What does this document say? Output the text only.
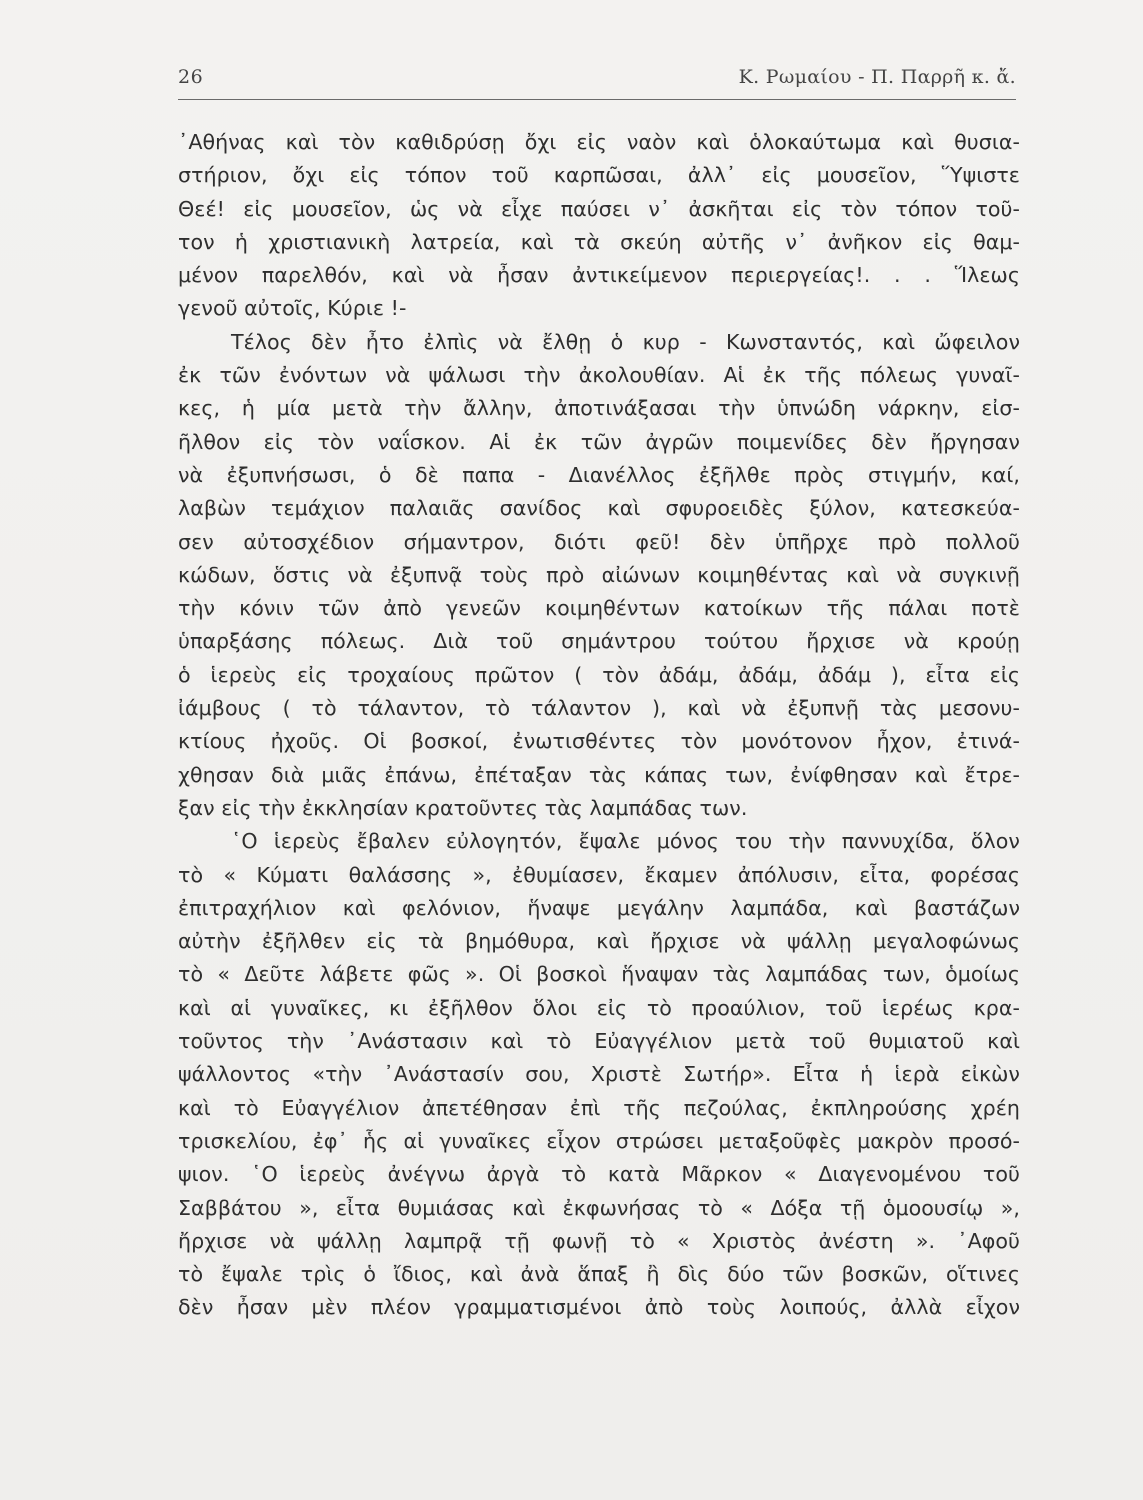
26	Κ. Ρωμαίου - Π. Παρρῆ κ. ἄ.
᾿Αθήνας καὶ τὸν καθιδρύσῃ ὄχι εἰς ναὸν καὶ ὁλοκαύτωμα καὶ θυσια-
στήριον, ὄχι εἰς τόπον τοῦ καρπῶσαι, ἀλλ᾿ εἰς μουσεῖον, Ὕψιστε
Θεέ! εἰς μουσεῖον, ὡς νὰ εἶχε παύσει ν᾿ ἀσκῆται εἰς τὸν τόπον τοῦ-
τον ἡ χριστιανικὴ λατρεία, καὶ τὰ σκεύη αὐτῆς ν᾿ ἀνῆκον εἰς θαμ-
μένον παρελθόν, καὶ νὰ ἦσαν ἀντικείμενον περιεργείας!. . . Ἵλεως
γενοῦ αὐτοῖς, Κύριε !-
Τέλος δὲν ἦτο ἐλπὶς νὰ ἔλθῃ ὁ κυρ - Κωνσταντός, καὶ ὤφειλον
ἐκ τῶν ἐνόντων νὰ ψάλωσι τὴν ἀκολουθίαν. Αἱ ἐκ τῆς πόλεως γυναῖ-
κες, ἡ μία μετὰ τὴν ἄλλην, ἀποτινάξασαι τὴν ὑπνώδη νάρκην, εἰσ-
ῆλθον εἰς τὸν ναΐσκον. Αἱ ἐκ τῶν ἀγρῶν ποιμενίδες δὲν ἤργησαν
νὰ ἐξυπνήσωσι, ὁ δὲ παπα - Διανέλλος ἐξῆλθε πρὸς στιγμήν, καί,
λαβὼν τεμάχιον παλαιᾶς σανίδος καὶ σφυροειδὲς ξύλον, κατεσκεύα-
σεν αὐτοσχέδιον σήμαντρον, διότι φεῦ! δὲν ὑπῆρχε πρὸ πολλοῦ
κώδων, ὅστις νὰ ἐξυπνᾷ τοὺς πρὸ αἰώνων κοιμηθέντας καὶ νὰ συγκινῇ
τὴν κόνιν τῶν ἀπὸ γενεῶν κοιμηθέντων κατοίκων τῆς πάλαι ποτὲ
ὑπαρξάσης πόλεως. Διὰ τοῦ σημάντρου τούτου ἤρχισε νὰ κρούῃ
ὁ ἱερεὺς εἰς τροχαίους πρῶτον ( τὸν ἀδάμ, ἀδάμ, ἀδάμ ), εἶτα εἰς
ἰάμβους ( τὸ τάλαντον, τὸ τάλαντον ), καὶ νὰ ἐξυπνῇ τὰς μεσονυ-
κτίους ἠχοῦς. Οἱ βοσκοί, ἐνωτισθέντες τὸν μονότονον ἦχον, ἐτινά-
χθησαν διὰ μιᾶς ἐπάνω, ἐπέταξαν τὰς κάπας των, ἐνίφθησαν καὶ ἔτρε-
ξαν εἰς τὴν ἐκκλησίαν κρατοῦντες τὰς λαμπάδας των.
῾Ο ἱερεὺς ἔβαλεν εὐλογητόν, ἔψαλε μόνος του τὴν παννυχίδα, ὅλον
τὸ « Κύματι θαλάσσης », ἐθυμίασεν, ἔκαμεν ἀπόλυσιν, εἶτα, φορέσας
ἐπιτραχήλιον καὶ φελόνιον, ἥναψε μεγάλην λαμπάδα, καὶ βαστάζων
αὐτὴν ἐξῆλθεν εἰς τὰ βημόθυρα, καὶ ἤρχισε νὰ ψάλλῃ μεγαλοφώνως
τὸ « Δεῦτε λάβετε φῶς ». Οἱ βοσκοὶ ἥναψαν τὰς λαμπάδας των, ὁμοίως
καὶ αἱ γυναῖκες, κι ἐξῆλθον ὅλοι εἰς τὸ προαύλιον, τοῦ ἱερέως κρα-
τοῦντος τὴν ᾿Ανάστασιν καὶ τὸ Εὐαγγέλιον μετὰ τοῦ θυμιατοῦ καὶ
ψάλλοντος «τὴν ᾿Ανάστασίν σου, Χριστὲ Σωτήρ». Εἶτα ἡ ἱερὰ εἰκὼν
καὶ τὸ Εὐαγγέλιον ἀπετέθησαν ἐπὶ τῆς πεζούλας, ἐκπληρούσης χρέη
τρισκελίου, ἐφ᾿ ἧς αἱ γυναῖκες εἶχον στρώσει μεταξοῦφὲς μακρὸν προσό-
ψιον. ῾Ο ἱερεὺς ἀνέγνω ἀργὰ τὸ κατὰ Μᾶρκον « Διαγενομένου τοῦ
Σαββάτου », εἶτα θυμιάσας καὶ ἐκφωνήσας τὸ « Δόξα τῇ ὁμοουσίῳ »,
ἤρχισε νὰ ψάλλῃ λαμπρᾷ τῇ φωνῇ τὸ « Χριστὸς ἀνέστη ». ᾿Αφοῦ
τὸ ἔψαλε τρὶς ὁ ἴδιος, καὶ ἀνὰ ἅπαξ ἢ δὶς δύο τῶν βοσκῶν, οἵτινες
δὲν ἦσαν μὲν πλέον γραμματισμένοι ἀπὸ τοὺς λοιπούς, ἀλλὰ εἶχον
